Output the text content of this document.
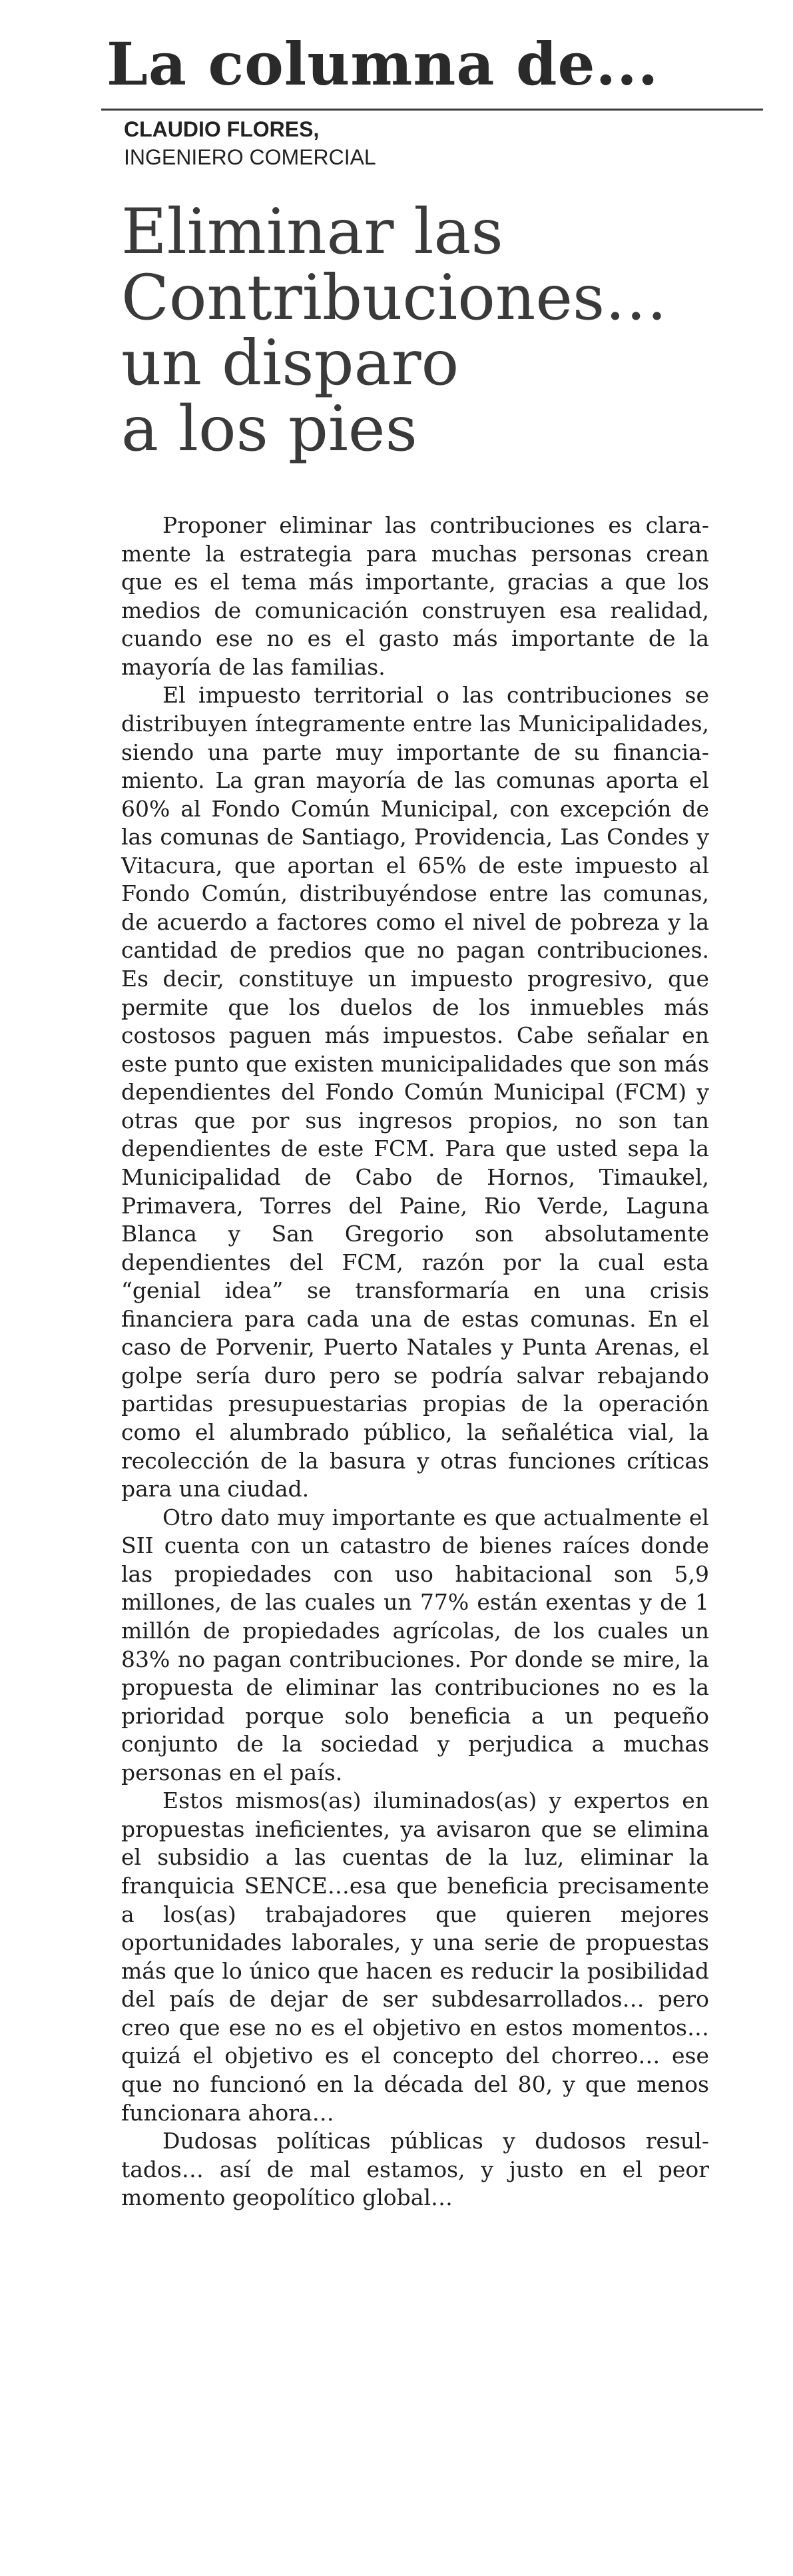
La columna de...
CLAUDIO FLORES,
INGENIERO COMERCIAL
Eliminar las
Contribuciones…
un disparo
a los pies

Proponer eliminar las contribuciones es claramente la estrategia para muchas personas crean que es el tema más importante, gracias a que los medios de comunicación construyen esa realidad, cuando ese no es el gasto más importante de la mayoría de las familias.

El impuesto territorial o las contribuciones se distribuyen íntegramente entre las Municipalidades, siendo una parte muy importante de su financiamiento. La gran mayoría de las comunas aporta el 60% al Fondo Común Municipal, con excepción de las comunas de Santiago, Providencia, Las Condes y Vitacura, que aportan el 65% de este impuesto al Fondo Común, distribuyéndose entre las comunas, de acuerdo a factores como el nivel de pobreza y la cantidad de predios que no pagan contribuciones. Es decir, constituye un impuesto progresivo, que permite que los duelos de los inmuebles más costosos paguen más impuestos. Cabe señalar en este punto que existen municipalidades que son más dependientes del Fondo Común Municipal (FCM) y otras que por sus ingresos propios, no son tan dependientes de este FCM. Para que usted sepa la Municipalidad de Cabo de Hornos, Timaukel, Primavera, Torres del Paine, Rio Verde, Laguna Blanca y San Gregorio son absolutamente dependientes del FCM, razón por la cual esta “genial idea” se transformaría en una crisis financiera para cada una de estas comunas. En el caso de Porvenir, Puerto Natales y Punta Arenas, el golpe sería duro pero se podría salvar rebajando partidas presupuestarias propias de la operación como el alumbrado público, la señalética vial, la recolección de la basura y otras funciones críticas para una ciudad.

Otro dato muy importante es que actualmente el SII cuenta con un catastro de bienes raíces donde las propiedades con uso habitacional son 5,9 millones, de las cuales un 77% están exentas y de 1 millón de propiedades agrícolas, de los cuales un 83% no pagan contribuciones. Por donde se mire, la propuesta de eliminar las contribuciones no es la prioridad porque solo beneficia a un pequeño conjunto de la sociedad y perjudica a muchas personas en el país.

Estos mismos(as) iluminados(as) y expertos en propuestas ineficientes, ya avisaron que se elimina el subsidio a las cuentas de la luz, eliminar la franquicia SENCE…esa que beneficia precisamente a los(as) trabajadores que quieren mejores oportunidades laborales, y una serie de propuestas más que lo único que hacen es reducir la posibilidad del país de dejar de ser subdesarrollados… pero creo que ese no es el objetivo en estos momentos… quizá el objetivo es el concepto del chorreo… ese que no funcionó en la década del 80, y que menos funcionara ahora…

Dudosas políticas públicas y dudosos resultados… así de mal estamos, y justo en el peor momento geopolítico global…
